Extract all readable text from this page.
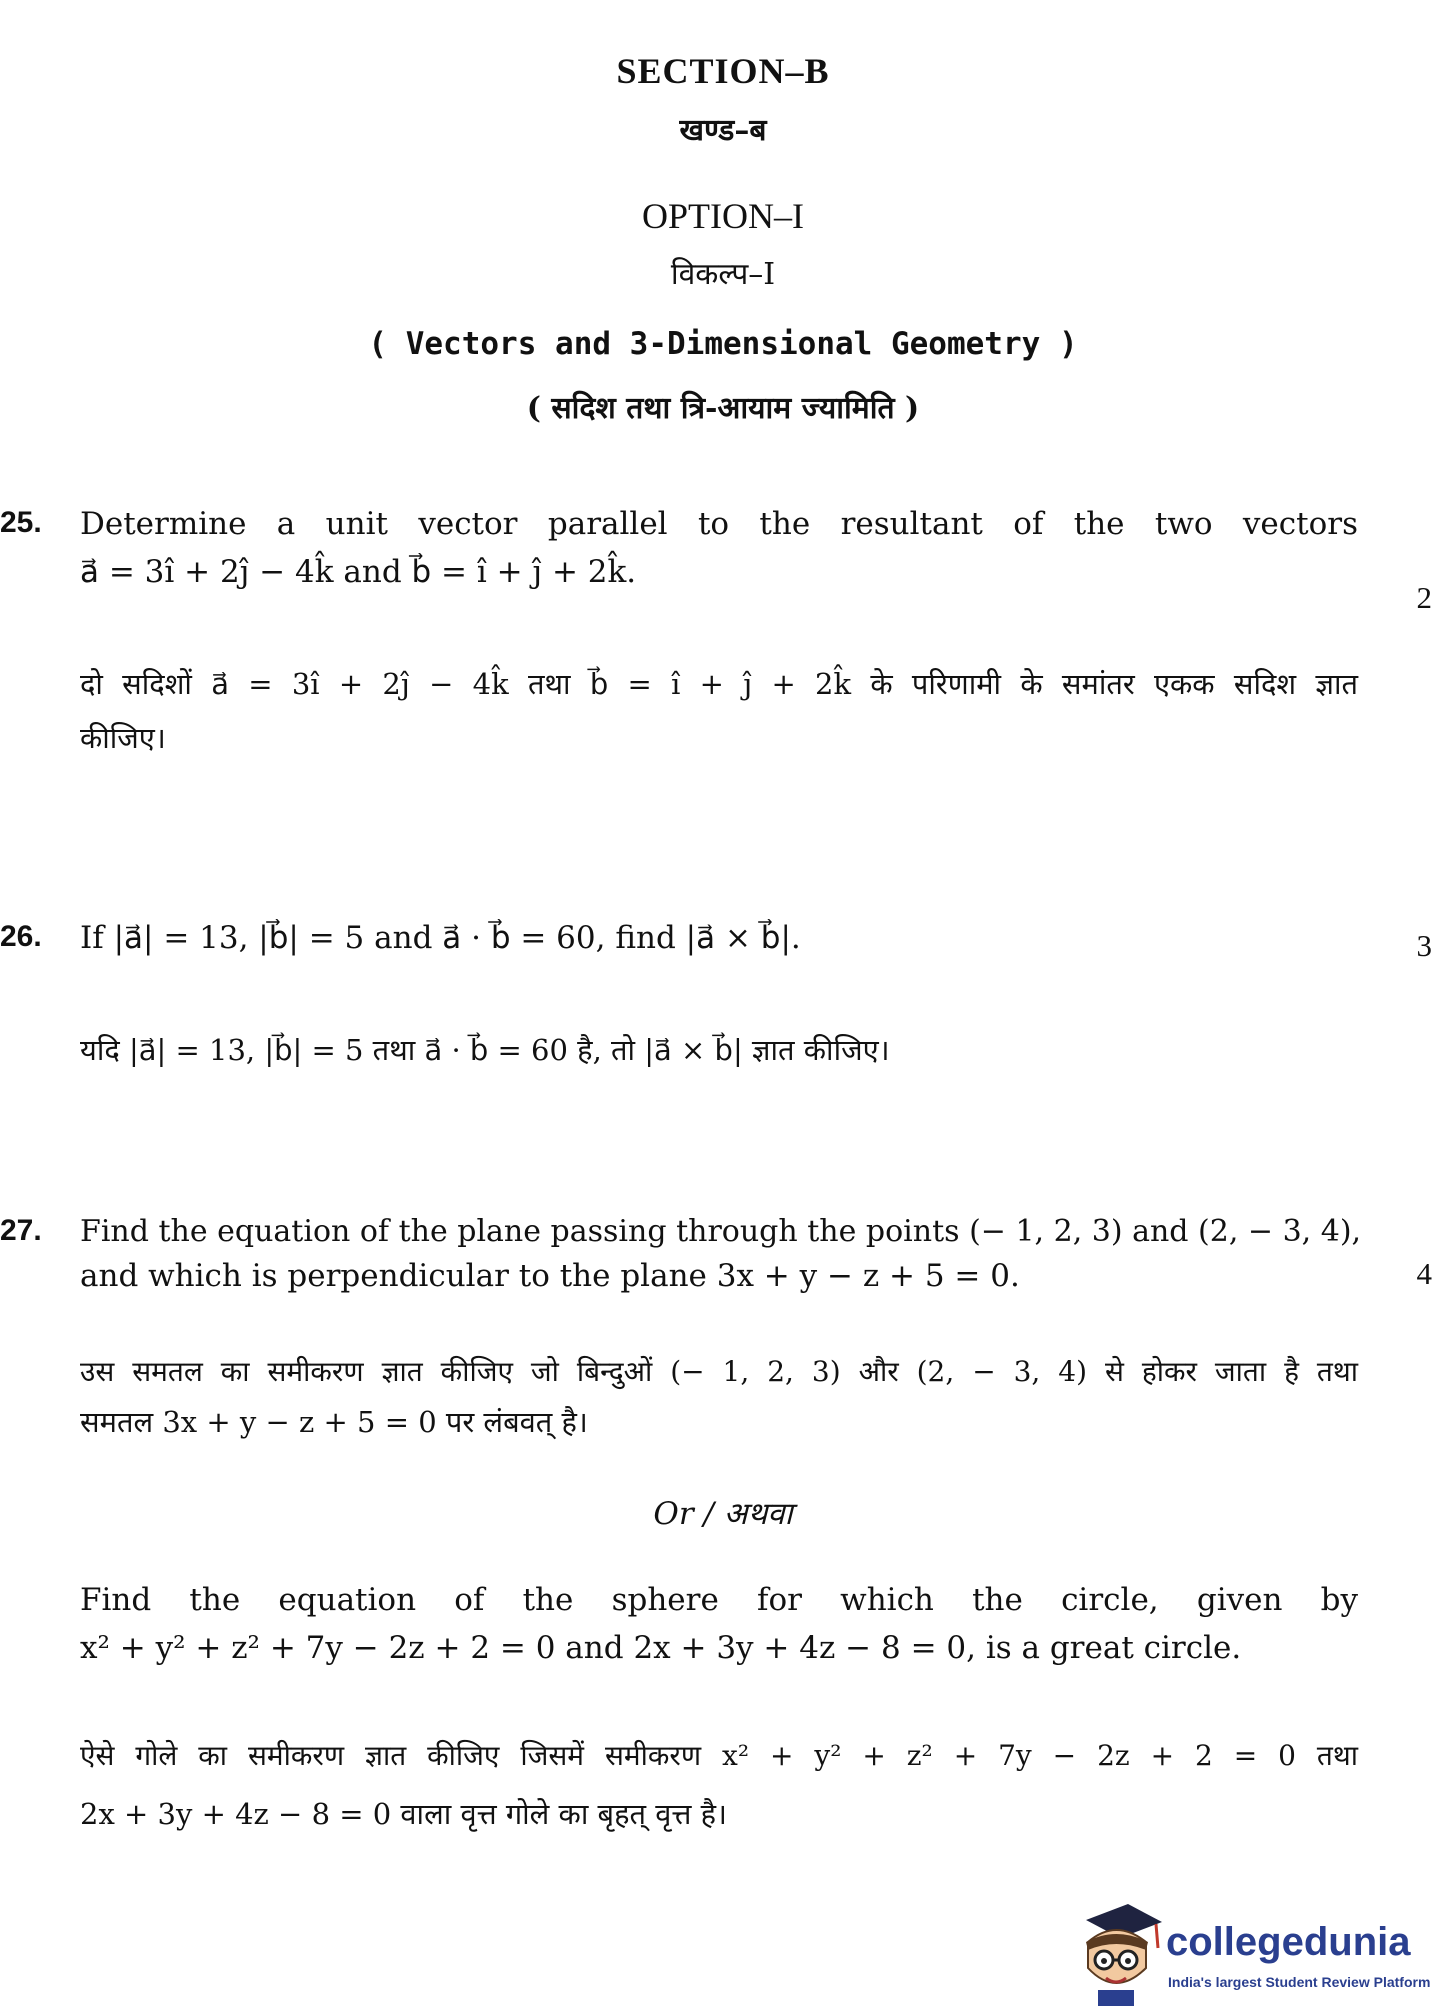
SECTION–B
खण्ड–ब
OPTION–I
विकल्प–I
( Vectors and 3-Dimensional Geometry )
( सदिश तथा त्रि-आयाम ज्यामिति )
25. Determine a unit vector parallel to the resultant of the two vectors
a⃗ = 3î + 2ĵ − 4k̂ and b⃗ = î + ĵ + 2k̂.
2
दो सदिशों a⃗ = 3î + 2ĵ − 4k̂ तथा b⃗ = î + ĵ + 2k̂ के परिणामी के समांतर एकक सदिश ज्ञात
कीजिए।
26. If |a⃗| = 13, |b⃗| = 5 and a⃗ · b⃗ = 60, find |a⃗ × b⃗|.	3
यदि |a⃗| = 13, |b⃗| = 5 तथा a⃗ · b⃗ = 60 है, तो |a⃗ × b⃗| ज्ञात कीजिए।
27. Find the equation of the plane passing through the points (− 1, 2, 3) and (2, − 3, 4),
and which is perpendicular to the plane 3x + y − z + 5 = 0.	4
उस समतल का समीकरण ज्ञात कीजिए जो बिन्दुओं (− 1, 2, 3) और (2, − 3, 4) से होकर जाता है तथा
समतल 3x + y − z + 5 = 0 पर लंबवत् है।
Or / अथवा
Find the equation of the sphere for which the circle, given by
x² + y² + z² + 7y − 2z + 2 = 0 and 2x + 3y + 4z − 8 = 0, is a great circle.
ऐसे गोले का समीकरण ज्ञात कीजिए जिसमें समीकरण x² + y² + z² + 7y − 2z + 2 = 0 तथा
2x + 3y + 4z − 8 = 0 वाला वृत्त गोले का बृहत् वृत्त है।
collegedunia
India's largest Student Review Platform
